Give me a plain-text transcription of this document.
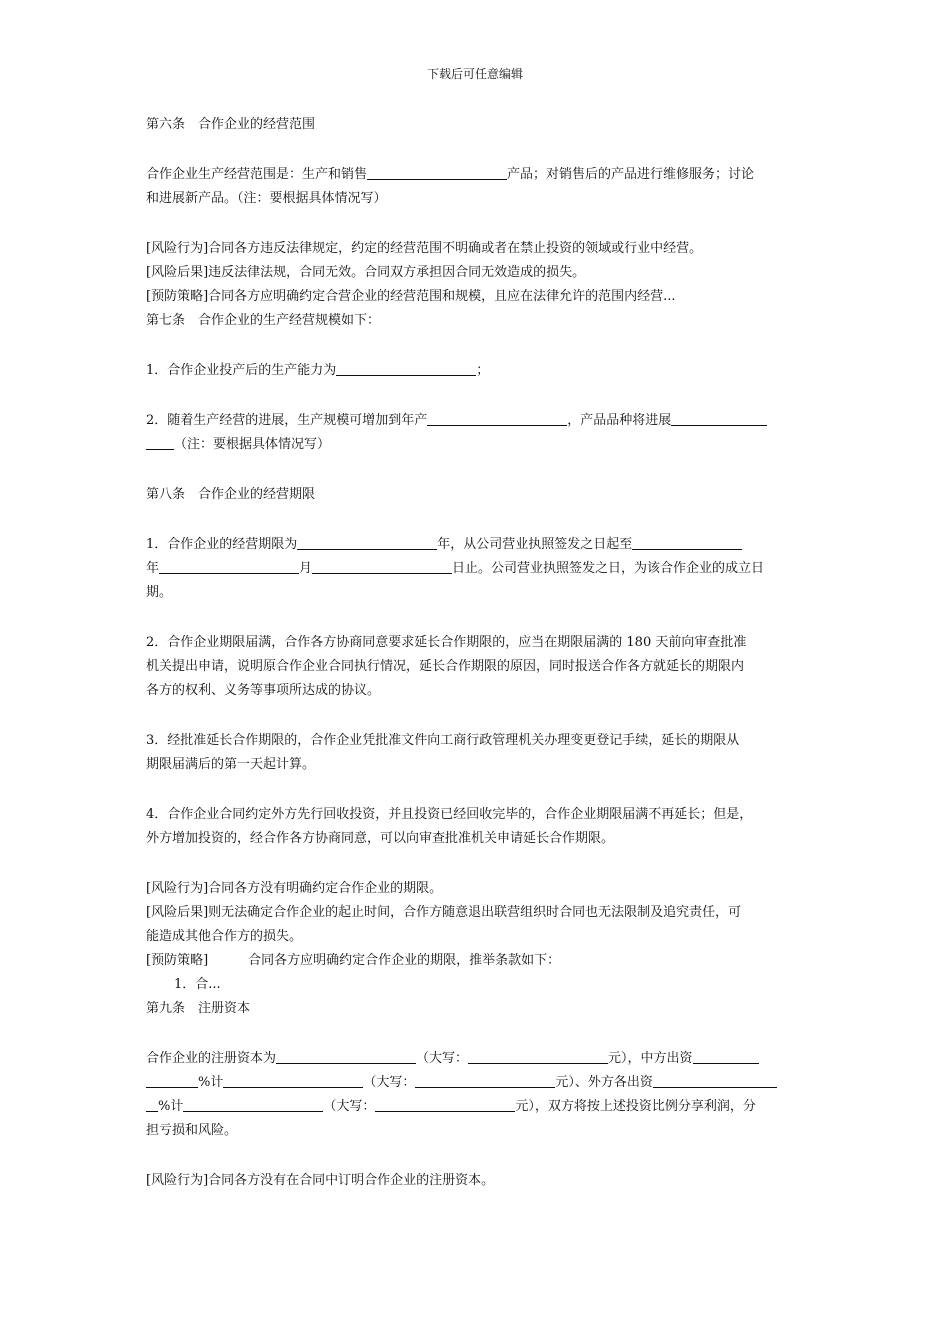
下载后可任意编辑
第六条　合作企业的经营范围
合作企业生产经营范围是：生产和销售	产品；对销售后的产品进行维修服务；讨论
和进展新产品。（注：要根据具体情况写）
[风险行为]合同各方违反法律规定，约定的经营范围不明确或者在禁止投资的领域或行业中经营。
[风险后果]违反法律法规，合同无效。合同双方承担因合同无效造成的损失。
[预防策略]合同各方应明确约定合营企业的经营范围和规模，且应在法律允许的范围内经营...
第七条　合作企业的生产经营规模如下：
1．合作企业投产后的生产能力为	；
2．随着生产经营的进展，生产规模可增加到年产	，产品品种将进展
（注：要根据具体情况写）
第八条　合作企业的经营期限
1．合作企业的经营期限为	年，从公司营业执照签发之日起至
年	月	日止。公司营业执照签发之日，为该合作企业的成立日
期。
2．合作企业期限届满，合作各方协商同意要求延长合作期限的，应当在期限届满的 180 天前向审查批准
机关提出申请，说明原合作企业合同执行情况，延长合作期限的原因，同时报送合作各方就延长的期限内
各方的权利、义务等事项所达成的协议。
3．经批准延长合作期限的，合作企业凭批准文件向工商行政管理机关办理变更登记手续，延长的期限从
期限届满后的第一天起计算。
4．合作企业合同约定外方先行回收投资，并且投资已经回收完毕的，合作企业期限届满不再延长；但是，
外方增加投资的，经合作各方协商同意，可以向审查批准机关申请延长合作期限。
[风险行为]合同各方没有明确约定合作企业的期限。
[风险后果]则无法确定合作企业的起止时间，合作方随意退出联营组织时合同也无法限制及追究责任，可
能造成其他合作方的损失。
[预防策略]	合同各方应明确约定合作企业的期限，推举条款如下：
1．合...
第九条　注册资本
合作企业的注册资本为	（大写：	元），中方出资
%计	（大写：	元）、外方各出资
%计	（大写：	元），双方将按上述投资比例分享利润，分
担亏损和风险。
[风险行为]合同各方没有在合同中订明合作企业的注册资本。
